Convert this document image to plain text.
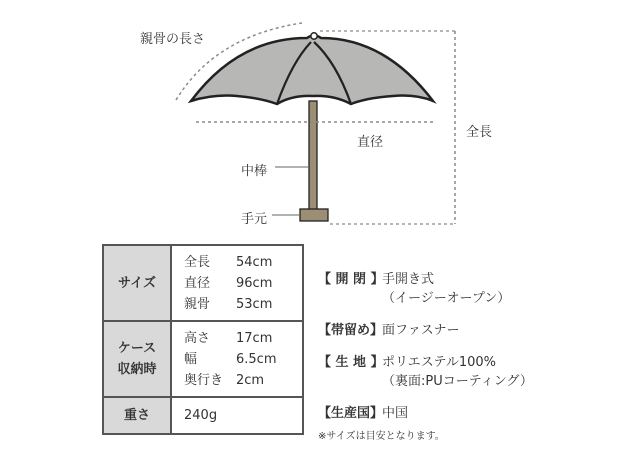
親骨の長さ
直径
全長
中棒
手元
サイズ
全長	54cm
直径	96cm
親骨	53cm
ケース
収納時
高さ	17cm
幅	6.5cm
奥行き 2cm
重さ	240g
【 開 閉 】
手開き式
（イージーオープン）
【帯留め】
面ファスナー
【 生 地 】
ポリエステル100%
（裏面:PUコーティング）
【生産国】
中国
※サイズは目安となります。
